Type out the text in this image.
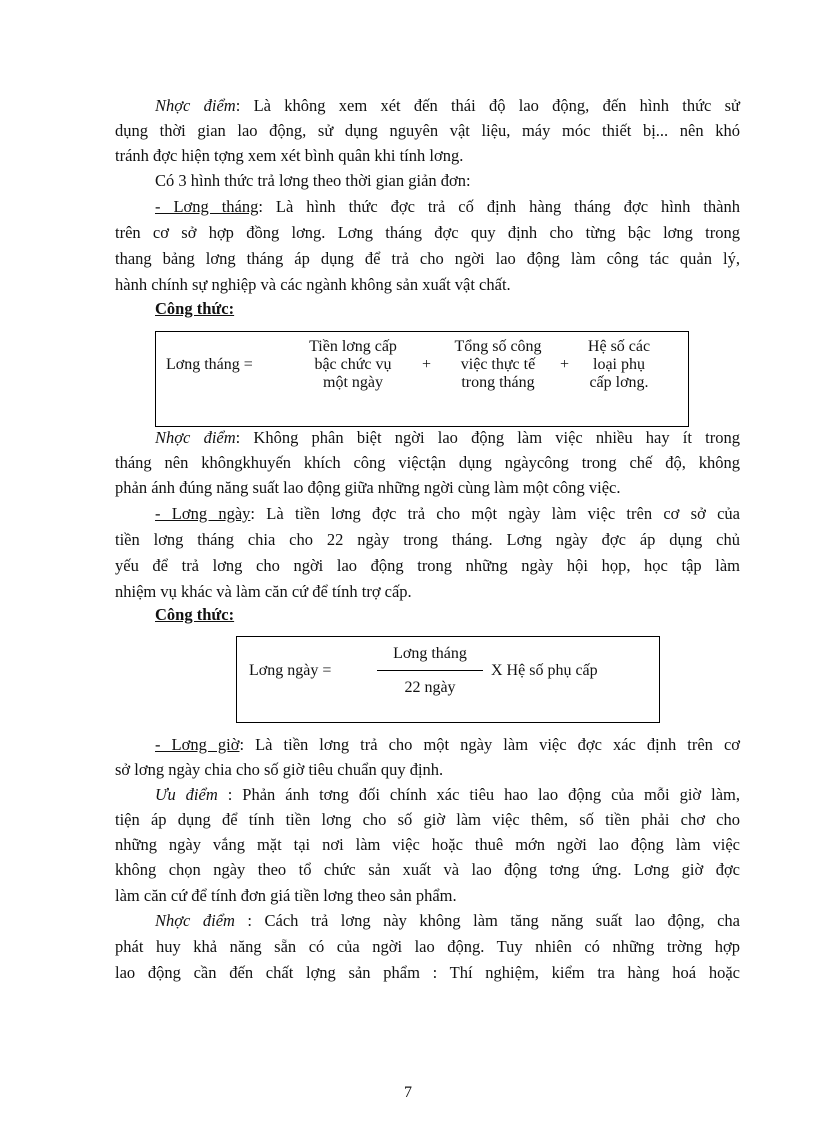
Nhợc điểm: Là không xem xét đến thái độ lao động, đến hình thức sử
dụng thời gian lao động, sử dụng nguyên vật liệu, máy móc thiết bị... nên khó
tránh đợc hiện tợng xem xét bình quân khi tính lơng.
Có 3 hình thức trả lơng theo thời gian giản đơn:
- Lơng tháng: Là hình thức đợc trả cố định hàng tháng đợc hình thành
trên cơ sở hợp đồng lơng. Lơng tháng đợc quy định cho từng bậc lơng trong
thang bảng lơng tháng áp dụng để trả cho ngời lao động làm công tác quản lý,
hành chính sự nghiệp và các ngành không sản xuất vật chất.
Công thức:
Lơng tháng =
Tiền lơng cấp
bậc chức vụ
một ngày
+
Tổng số công
việc thực tế
trong tháng
+
Hệ số các
loại phụ
cấp lơng.
Nhợc điểm: Không phân biệt ngời lao động làm việc nhiều hay ít trong
tháng nên khôngkhuyến khích công việctận dụng ngàycông trong chế độ, không
phản ánh đúng năng suất lao động giữa những ngời cùng làm một công việc.
- Lơng ngày: Là tiền lơng đợc trả cho một ngày làm việc trên cơ sở của
tiền lơng tháng chia cho 22 ngày trong tháng. Lơng ngày đợc áp dụng chủ
yếu để trả lơng cho ngời lao động trong những ngày hội họp, học tập làm
nhiệm vụ khác và làm căn cứ để tính trợ cấp.
Công thức:
Lơng ngày =
Lơng tháng
22 ngày
X Hệ số phụ cấp
- Lơng giờ: Là tiền lơng trả cho một ngày làm việc đợc xác định trên cơ
sở lơng ngày chia cho số giờ tiêu chuẩn quy định.
Ưu điểm : Phản ánh tơng đối chính xác tiêu hao lao động của mỗi giờ làm,
tiện áp dụng để tính tiền lơng cho số giờ làm việc thêm, số tiền phải chơ cho
những ngày vắng mặt tại nơi làm việc hoặc thuê mớn ngời lao động làm việc
không chọn ngày theo tổ chức sản xuất và lao động tơng ứng. Lơng giờ đợc
làm căn cứ để tính đơn giá tiền lơng theo sản phẩm.
Nhợc điểm : Cách trả lơng này không làm tăng năng suất lao động, cha
phát huy khả năng sẵn có của ngời lao động. Tuy nhiên có những trờng hợp
lao động cần đến chất lợng sản phẩm : Thí nghiệm, kiểm tra hàng hoá hoặc
7
